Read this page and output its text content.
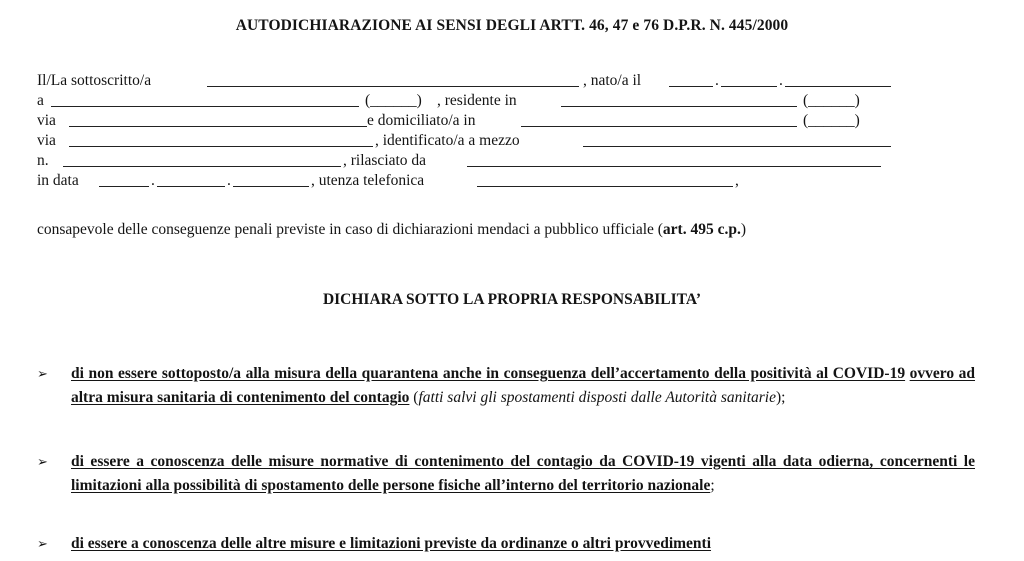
AUTODICHIARAZIONE AI SENSI DEGLI ARTT. 46, 47 e 76 D.P.R. N. 445/2000
Il/La sottoscritto/a	, nato/a il	.	.
a	(______) , residente in	(______)
via	e domiciliato/a in	(______)
via	, identificato/a a mezzo
n.	, rilasciato da
in data	.	.	, utenza telefonica	,
consapevole delle conseguenze penali previste in caso di dichiarazioni mendaci a pubblico ufficiale (art. 495 c.p.)
DICHIARA SOTTO LA PROPRIA RESPONSABILITA’
➢	di non essere sottoposto/a alla misura della quarantena anche in conseguenza dell’accertamento della positività al COVID-19 ovvero ad altra misura sanitaria di contenimento del contagio (fatti salvi gli spostamenti disposti dalle Autorità sanitarie);
➢	di essere a conoscenza delle misure normative di contenimento del contagio da COVID-19 vigenti alla data odierna, concernenti le limitazioni alla possibilità di spostamento delle persone fisiche all’interno del territorio nazionale;
➢	di essere a conoscenza delle altre misure e limitazioni previste da ordinanze o altri provvedimenti
